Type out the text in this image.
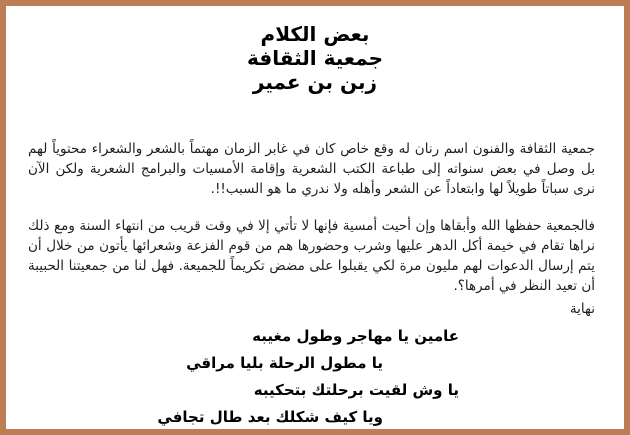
بعض الكلام
جمعية الثقافة
زبن بن عمير

جمعية الثقافة والفنون اسم رنان له وقع خاص كان في غابر الزمان مهتماً بالشعر والشعراء محتوياً لهم بل وصل في بعض سنواته إلى طباعة الكتب الشعرية وإقامة الأمسيات والبرامج الشعرية ولكن الآن نرى سباتاً طويلاً لها وابتعاداً عن الشعر وأهله ولا ندري ما هو السبب!!.

فالجمعية حفظها الله وأبقاها وإن أحيت أمسية فإنها لا تأتي إلا في وقت قريب من انتهاء السنة ومع ذلك نراها تقام في خيمة أكل الدهر عليها وشرب وحضورها هم من قوم الفزعة وشعرائها يأتون من خلال أن يتم إرسال الدعوات لهم مليون مرة لكي يقبلوا على مضض تكريماً للجميعة. فهل لنا من جمعيتنا الحبيبة أن تعيد النظر في أمرها؟.

نهاية
عامين يا مهاجر وطول مغيبه
يا مطول الرحلة بليا مراقي
يا وش لقيت برحلتك بتحكيبه
ويا كيف شكلك بعد طال تجافي
